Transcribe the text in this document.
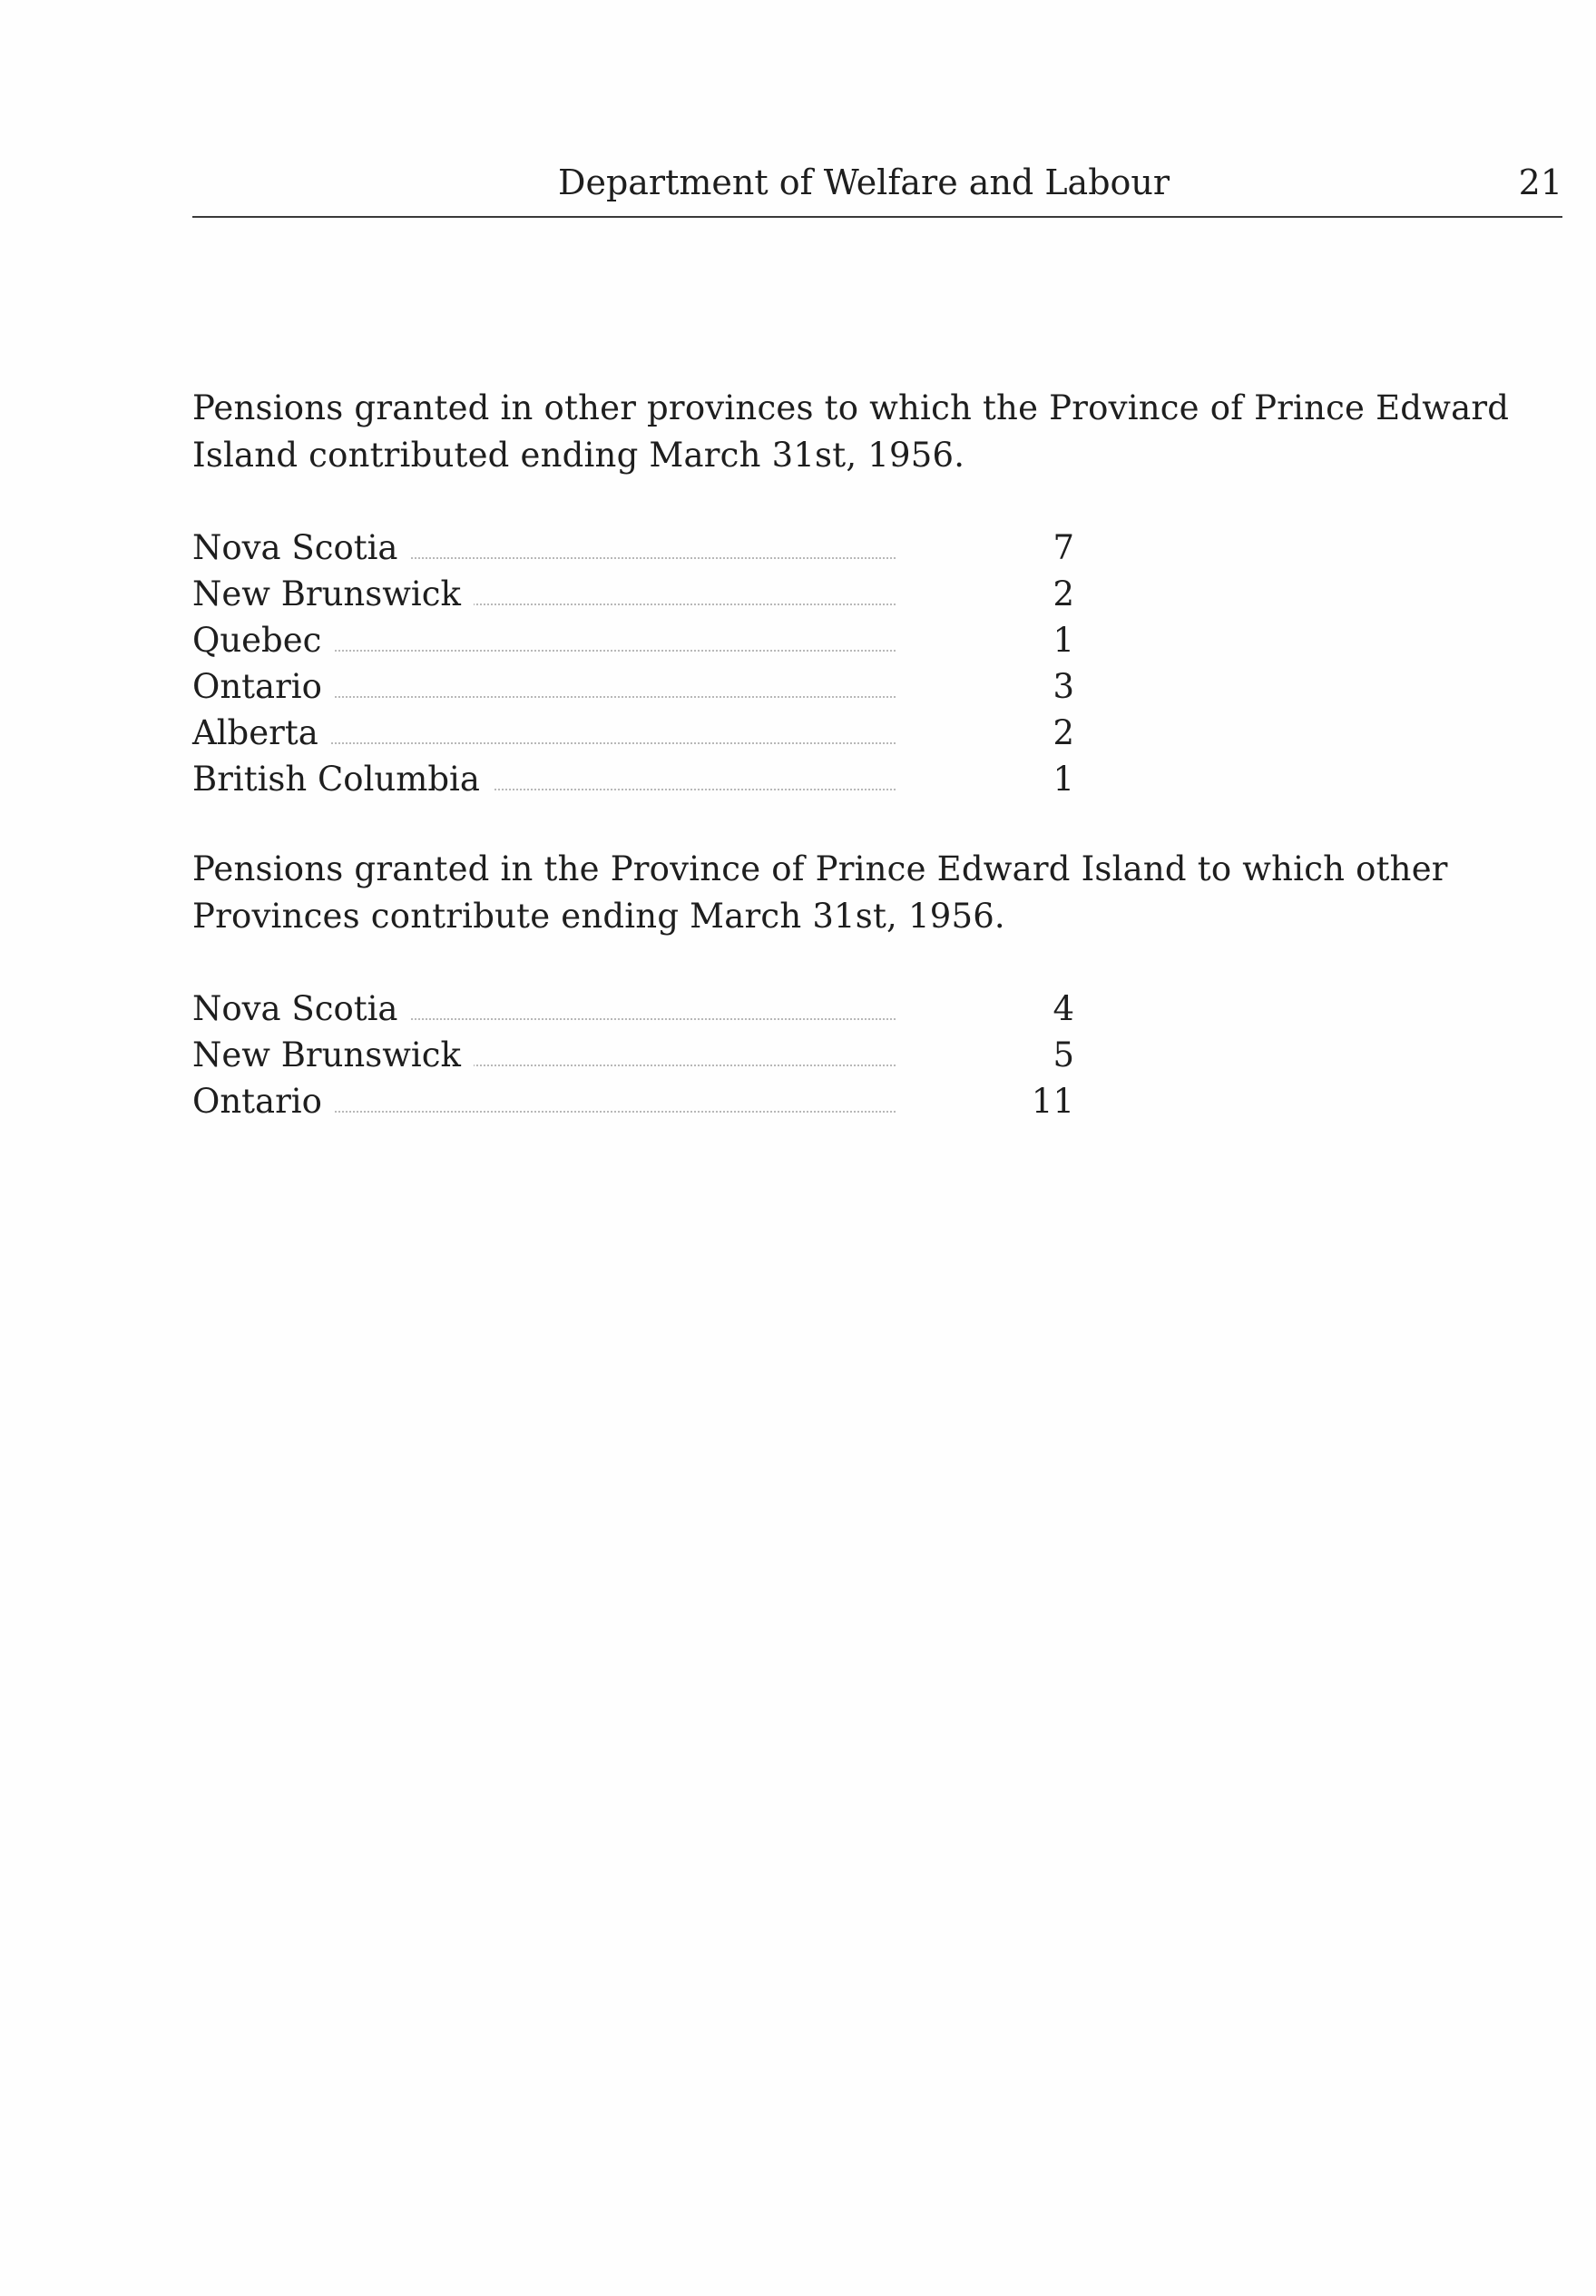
Department of Welfare and Labour	21

Pensions granted in other provinces to which the Province of Prince Edward Island contributed ending March 31st, 1956.

Nova Scotia	7
New Brunswick	2
Quebec	1
Ontario	3
Alberta	2
British Columbia	1

Pensions granted in the Province of Prince Edward Island to which other Provinces contribute ending March 31st, 1956.

Nova Scotia	4
New Brunswick	5
Ontario	11
